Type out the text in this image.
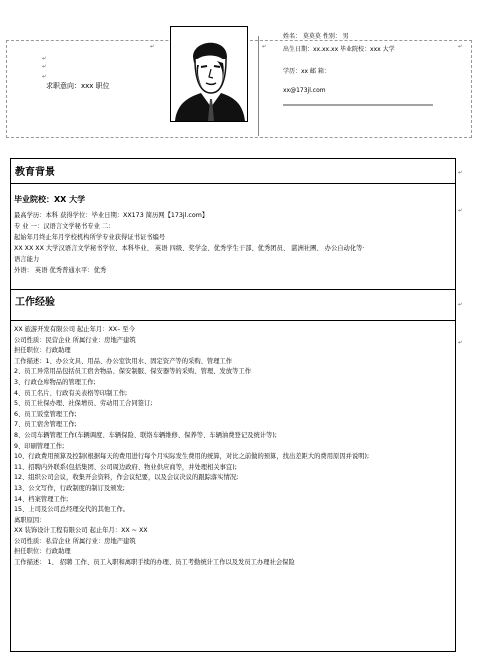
↵
↵
↵
↵	↵	↵
求职意向：xxx 职位
姓名： 莫莫莫 性别： 男
出生日期：xx.xx.xx 毕业院校：xxx 大学
学历：xx 邮 箱：
xx@173jl.com
教育背景
毕业院校：XX 大学
最高学历：本科 获得学位：毕业日期：XX173 简历网【173jl.com】
专 业 一：汉语言文学秘书专业 二：
起始年月终止年月学校机构所学专业获得证书证书编号
XX XX XX 大学汉语言文学秘书学位、本科毕业、 英语 四级、奖学金、优秀学生干部、优秀团员、 湛洲社團、 办公自动化等·
语言能力
外语： 英语 优秀普通水平：优秀
工作经验
XX 旅游开发有限公司 起止年月：XX– 至今
公司性质：民营企业 所属行业：房地产建筑
担任职位：行政助理
工作描述：1、办公文具、用品、办公室饮用水、固定资产等的采购、管理工作
2、员工异常用品包括员工宿舍物品、保安制服、保安器等的采购、管理、发放等工作
3、行政仓库物品的管理工作;
4、员工名片、行政有关表格等印制工作;
5、员工社保办理、社保增员、劳动用工合同签订;
6、员工饭堂管理工作;
7、员工宿舍管理工作;
8、公司车辆管理工作(车辆调度、车辆保险、联络车辆维修、保养等、车辆油费登记及统计等);
9、印刷管理工作;
10、行政费用预算及控制(根据每天的费用进行每个月实际发生费用的统算，对比之前做的预算，找出差距大的费用原因并说明);
11、招聘内外联系(包括集团、公司周边政府、物业供应商等，并处理相关事宜);
12、组织公司会议，收集开会资料，作会议纪要，以及会议决议的跟踪落实情况;
13、公文写作，行政制度的制订及颁发;
14、档案管理工作;
15、上司及公司总经理交代的其他工作。
离职原因：
XX 装饰设计工程有限公司 起止年月：XX ~ XX
公司性质：私营企业 所属行业：房地产建筑
担任职位：行政助理
工作描述： 1、 招聘 工作、员工入职和离职手续的办理、员工考勤统计工作以及发员工办理社会保险
↵
↵
↵
↵
